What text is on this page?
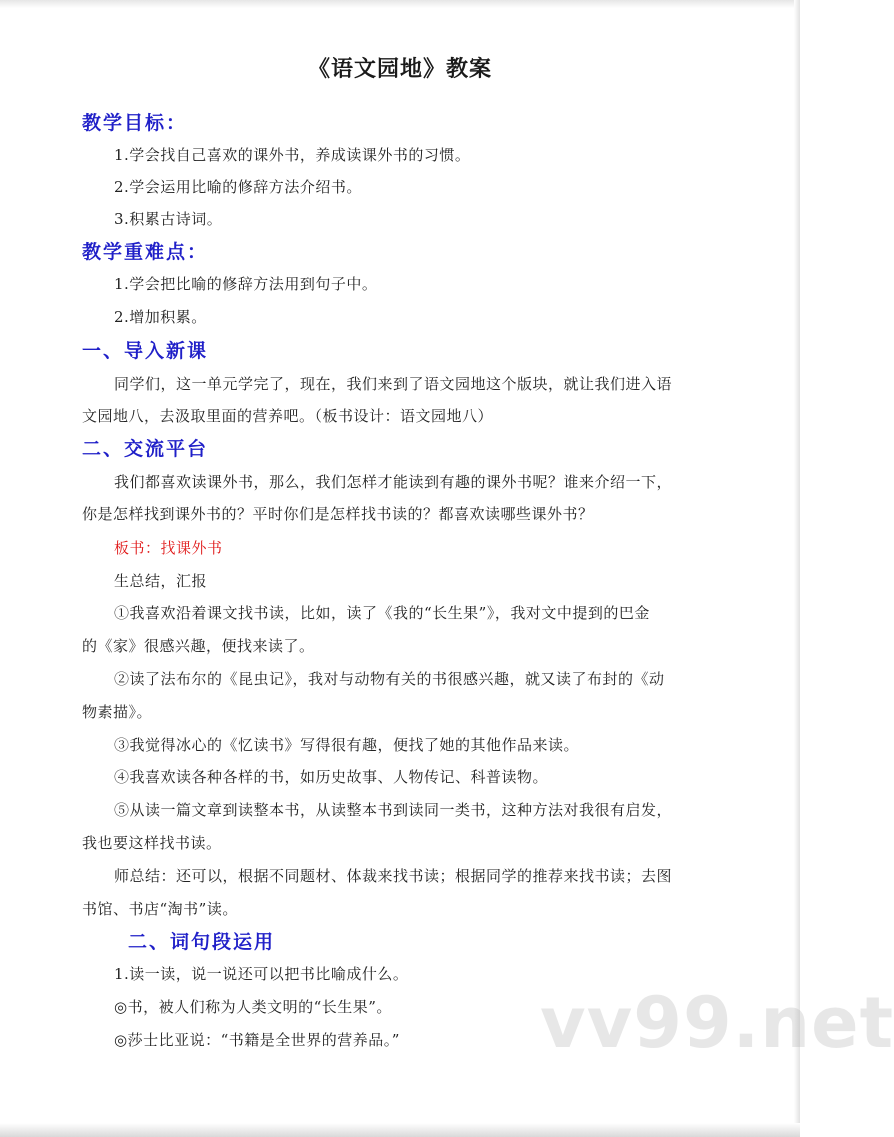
《语文园地》教案
教学目标：
1.学会找自己喜欢的课外书，养成读课外书的习惯。
2.学会运用比喻的修辞方法介绍书。
3.积累古诗词。
教学重难点：
1.学会把比喻的修辞方法用到句子中。
2.增加积累。
一、导入新课
同学们，这一单元学完了，现在，我们来到了语文园地这个版块，就让我们进入语
文园地八，去汲取里面的营养吧。（板书设计：语文园地八）
二、交流平台
我们都喜欢读课外书，那么，我们怎样才能读到有趣的课外书呢？谁来介绍一下，
你是怎样找到课外书的？平时你们是怎样找书读的？都喜欢读哪些课外书？
板书：找课外书
生总结，汇报
①我喜欢沿着课文找书读，比如，读了《我的“长生果”》，我对文中提到的巴金
的《家》很感兴趣，便找来读了。
②读了法布尔的《昆虫记》，我对与动物有关的书很感兴趣，就又读了布封的《动
物素描》。
③我觉得冰心的《忆读书》写得很有趣，便找了她的其他作品来读。
④我喜欢读各种各样的书，如历史故事、人物传记、科普读物。
⑤从读一篇文章到读整本书，从读整本书到读同一类书，这种方法对我很有启发，
我也要这样找书读。
师总结：还可以，根据不同题材、体裁来找书读；根据同学的推荐来找书读；去图
书馆、书店“淘书”读。
二、词句段运用
1.读一读，说一说还可以把书比喻成什么。
◎书，被人们称为人类文明的“长生果”。
◎莎士比亚说：“书籍是全世界的营养品。” vv99.net
